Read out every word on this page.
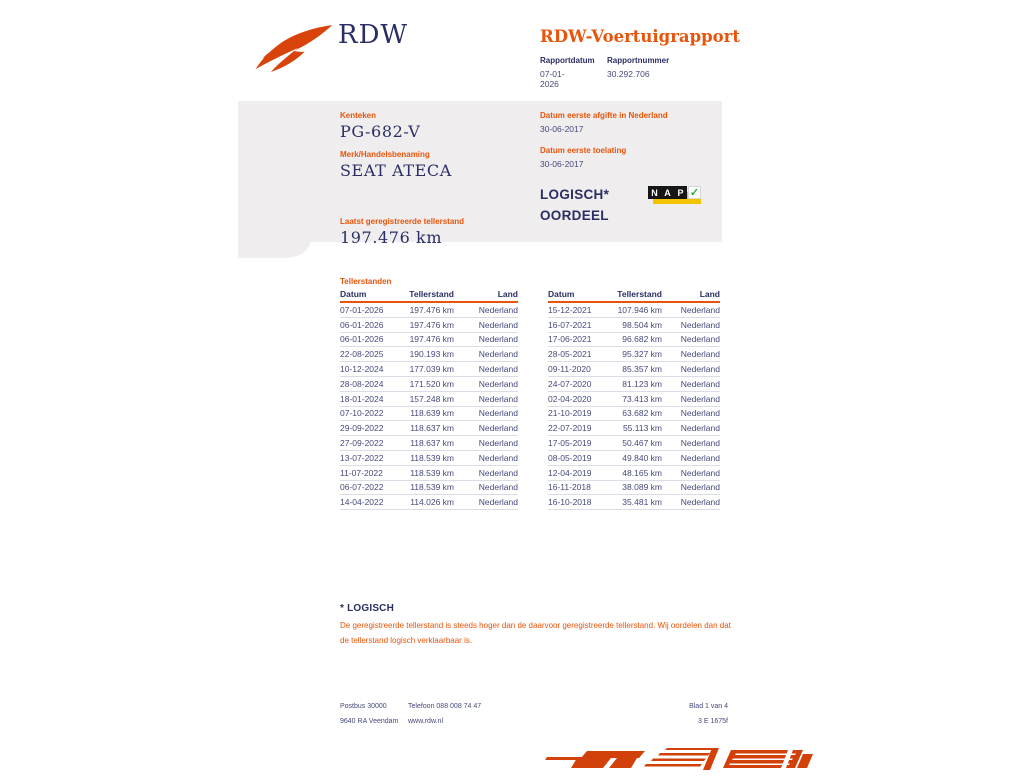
RDW	RDW-Voertuigrapport
Rapportdatum
07-01-2026
Rapportnummer
30.292.706
Kenteken
PG-682-V
Merk/Handelsbenaming
SEAT ATECA
Laatst geregistreerde tellerstand
197.476 km
Datum eerste afgifte in Nederland
30-06-2017
Datum eerste toelating
30-06-2017
LOGISCH*
OORDEEL
N A P ✓
Tellerstanden
Datum	Tellerstand	Land
07-01-2026	197.476 km	Nederland
06-01-2026	197.476 km	Nederland
06-01-2026	197.476 km	Nederland
22-08-2025	190.193 km	Nederland
10-12-2024	177.039 km	Nederland
28-08-2024	171.520 km	Nederland
18-01-2024	157.248 km	Nederland
07-10-2022	118.639 km	Nederland
29-09-2022	118.637 km	Nederland
27-09-2022	118.637 km	Nederland
13-07-2022	118.539 km	Nederland
11-07-2022	118.539 km	Nederland
06-07-2022	118.539 km	Nederland
14-04-2022	114.026 km	Nederland
Datum	Tellerstand	Land
15-12-2021	107.946 km	Nederland
16-07-2021	98.504 km	Nederland
17-06-2021	96.682 km	Nederland
28-05-2021	95.327 km	Nederland
09-11-2020	85.357 km	Nederland
24-07-2020	81.123 km	Nederland
02-04-2020	73.413 km	Nederland
21-10-2019	63.682 km	Nederland
22-07-2019	55.113 km	Nederland
17-05-2019	50.467 km	Nederland
08-05-2019	49.840 km	Nederland
12-04-2019	48.165 km	Nederland
16-11-2018	38.089 km	Nederland
16-10-2018	35.481 km	Nederland
* LOGISCH
De geregistreerde tellerstand is steeds hoger dan de daarvoor geregistreerde tellerstand. Wij oordelen dan dat de tellerstand logisch verklaarbaar is.
Postbus 30000
9640 RA Veendam
Telefoon 088 008 74 47
www.rdw.nl
Blad 1 van 4
3 E 1675f
